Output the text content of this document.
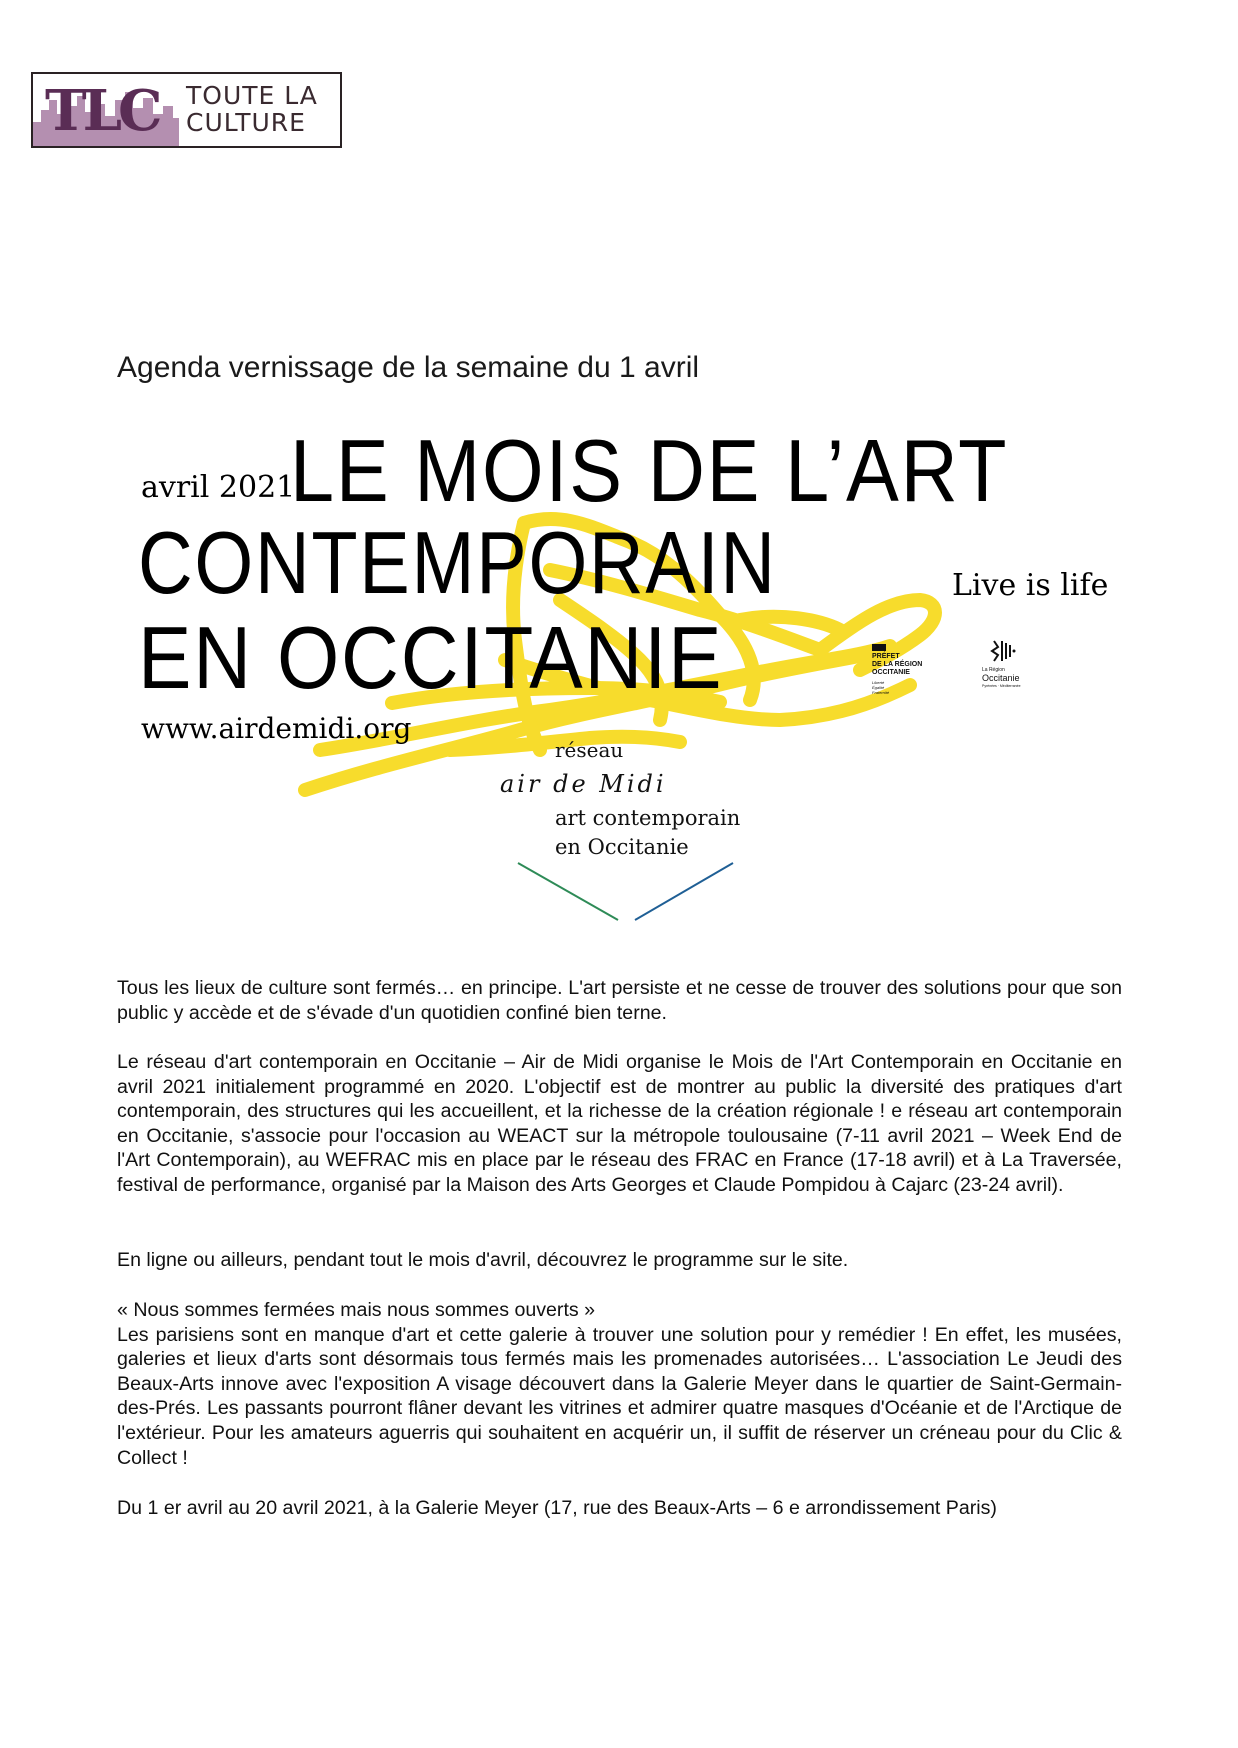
TLC TOUTE LA
CULTURE
Agenda vernissage de la semaine du 1 avril
avril 2021
LE MOIS DE L’ART
CONTEMPORAIN
EN OCCITANIE
Live is life
www.airdemidi.org
PRÉFET
DE LA RÉGION
OCCITANIE
Liberté
Égalité
Fraternité
La Région
Occitanie
Pyrénées · Méditerranée
réseau
air de Midi
art contemporain
en Occitanie

Tous les lieux de culture sont fermés… en principe. L'art persiste et ne cesse de trouver des solutions pour que son public y accède et de s'évade d'un quotidien confiné bien terne.

Le réseau d'art contemporain en Occitanie – Air de Midi organise le Mois de l'Art Contemporain en Occitanie en avril 2021 initialement programmé en 2020. L'objectif est de montrer au public la diversité des pratiques d'art contemporain, des structures qui les accueillent, et la richesse de la création régionale ! e réseau art contemporain en Occitanie, s'associe pour l'occasion au WEACT sur la métropole toulousaine (7-11 avril 2021 – Week End de l'Art Contemporain), au WEFRAC mis en place par le réseau des FRAC en France (17-18 avril) et à La Traversée, festival de performance, organisé par la Maison des Arts Georges et Claude Pompidou à Cajarc (23-24 avril).

En ligne ou ailleurs, pendant tout le mois d'avril, découvrez le programme sur le site.

« Nous sommes fermées mais nous sommes ouverts »

Les parisiens sont en manque d'art et cette galerie à trouver une solution pour y remédier ! En effet, les musées, galeries et lieux d'arts sont désormais tous fermés mais les promenades autorisées… L'association Le Jeudi des Beaux-Arts innove avec l'exposition A visage découvert dans la Galerie Meyer dans le quartier de Saint-Germain-des-Prés. Les passants pourront flâner devant les vitrines et admirer quatre masques d'Océanie et de l'Arctique de l'extérieur. Pour les amateurs aguerris qui souhaitent en acquérir un, il suffit de réserver un créneau pour du Clic & Collect !

Du 1 er avril au 20 avril 2021, à la Galerie Meyer (17, rue des Beaux-Arts – 6 e arrondissement Paris)
